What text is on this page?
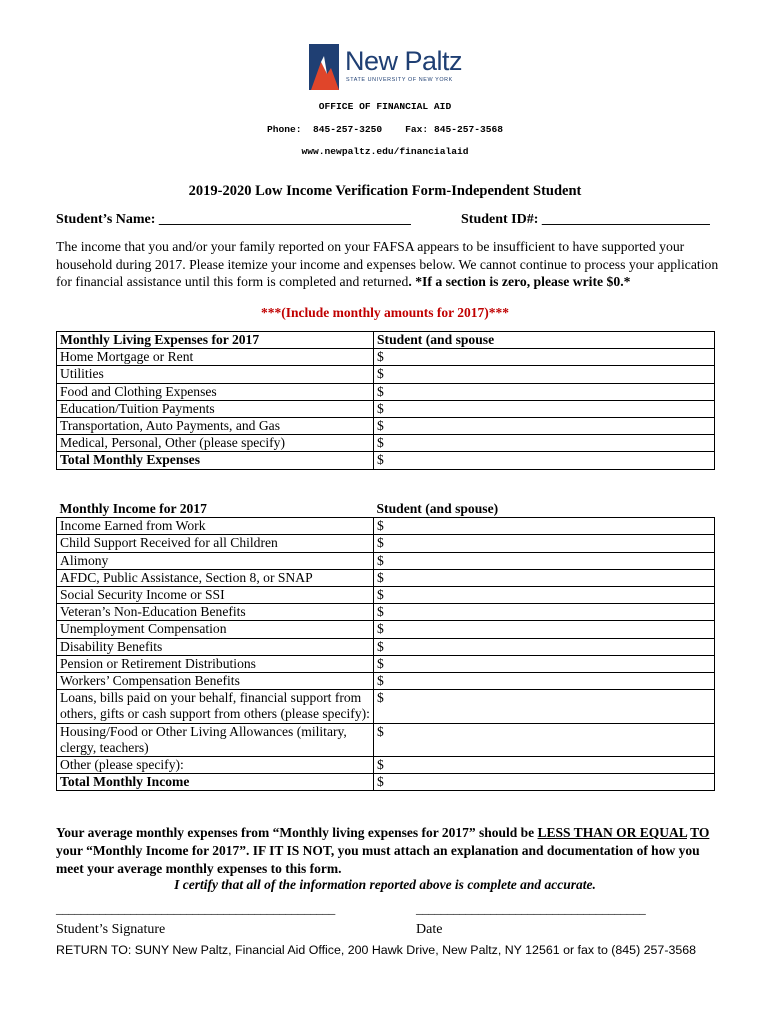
New Paltz
STATE UNIVERSITY OF NEW YORK
OFFICE OF FINANCIAL AID
Phone: 845-257-3250 Fax: 845-257-3568
www.newpaltz.edu/financialaid
2019-2020 Low Income Verification Form-Independent Student
Student’s Name: ____________________________________	Student ID#: ________________________
The income that you and/or your family reported on your FAFSA appears to be insufficient to have supported your household during 2017. Please itemize your income and expenses below. We cannot continue to process your application for financial assistance until this form is completed and returned. *If a section is zero, please write $0.*
***(Include monthly amounts for 2017)***
Monthly Living Expenses for 2017	Student (and spouse
Home Mortgage or Rent	$
Utilities	$
Food and Clothing Expenses	$
Education/Tuition Payments	$
Transportation, Auto Payments, and Gas	$
Medical, Personal, Other (please specify)	$
Total Monthly Expenses	$
Monthly Income for 2017	Student (and spouse)
Income Earned from Work	$
Child Support Received for all Children	$
Alimony	$
AFDC, Public Assistance, Section 8, or SNAP	$
Social Security Income or SSI	$
Veteran’s Non-Education Benefits	$
Unemployment Compensation	$
Disability Benefits	$
Pension or Retirement Distributions	$
Workers’ Compensation Benefits	$
Loans, bills paid on your behalf, financial support from others, gifts or cash support from others (please specify):	$
Housing/Food or Other Living Allowances (military, clergy, teachers)	$
Other (please specify):	$
Total Monthly Income	$
Your average monthly expenses from “Monthly living expenses for 2017” should be LESS THAN OR EQUAL TO your “Monthly Income for 2017”. IF IT IS NOT, you must attach an explanation and documentation of how you meet your average monthly expenses to this form.
I certify that all of the information reported above is complete and accurate.
_____________________________________________	_____________________________________
Student’s Signature	Date
RETURN TO: SUNY New Paltz, Financial Aid Office, 200 Hawk Drive, New Paltz, NY 12561 or fax to (845) 257-3568
